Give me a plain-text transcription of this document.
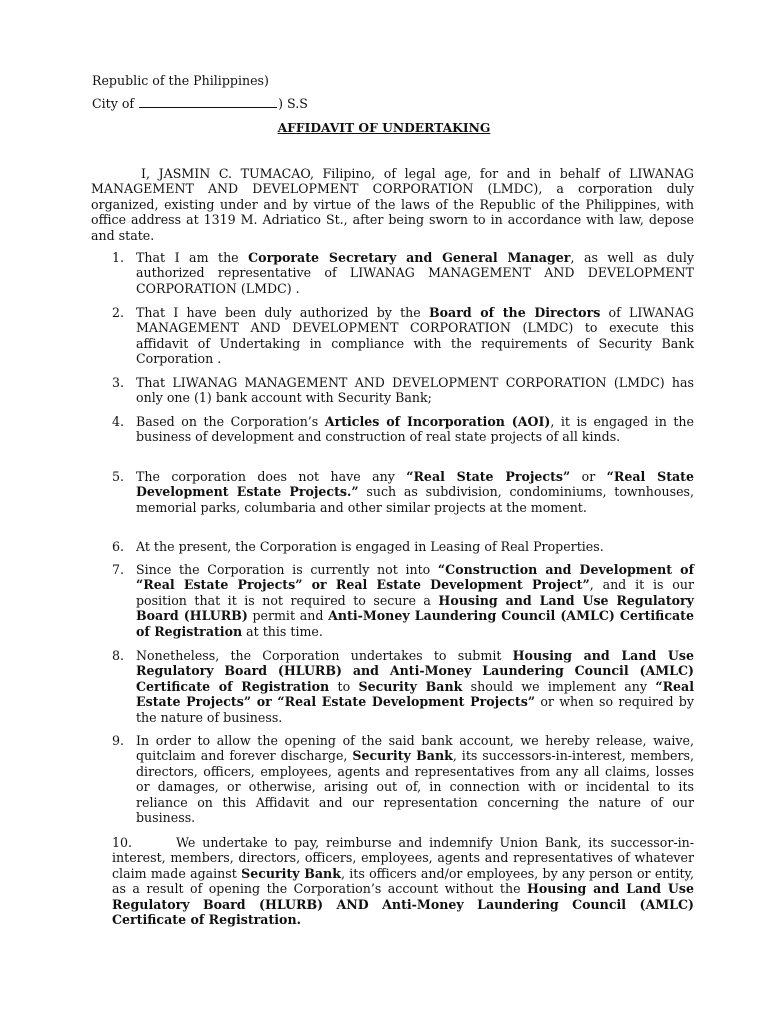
Republic of the Philippines)
City of	) S.S
AFFIDAVIT OF UNDERTAKING

I, JASMIN C. TUMACAO, Filipino, of legal age, for and in behalf of LIWANAG MANAGEMENT AND DEVELOPMENT CORPORATION (LMDC), a corporation duly organized, existing under and by virtue of the laws of the Republic of the Philippines, with office address at 1319 M. Adriatico St., after being sworn to in accordance with law, depose and state.

1. That I am the Corporate Secretary and General Manager, as well as duly authorized representative of LIWANAG MANAGEMENT AND DEVELOPMENT CORPORATION (LMDC) .
2. That I have been duly authorized by the Board of the Directors of LIWANAG MANAGEMENT AND DEVELOPMENT CORPORATION (LMDC) to execute this affidavit of Undertaking in compliance with the requirements of Security Bank Corporation .
3. That LIWANAG MANAGEMENT AND DEVELOPMENT CORPORATION (LMDC) has only one (1) bank account with Security Bank;
4. Based on the Corporation’s Articles of Incorporation (AOI), it is engaged in the business of development and construction of real state projects of all kinds.
5. The corporation does not have any “Real State Projects” or “Real State Development Estate Projects.” such as subdivision, condominiums, townhouses, memorial parks, columbaria and other similar projects at the moment.
6. At the present, the Corporation is engaged in Leasing of Real Properties.
7. Since the Corporation is currently not into “Construction and Development of “Real Estate Projects” or Real Estate Development Project”, and it is our position that it is not required to secure a Housing and Land Use Regulatory Board (HLURB) permit and Anti-Money Laundering Council (AMLC) Certificate of Registration at this time.
8. Nonetheless, the Corporation undertakes to submit Housing and Land Use Regulatory Board (HLURB) and Anti-Money Laundering Council (AMLC) Certificate of Registration to Security Bank should we implement any “Real Estate Projects” or “Real Estate Development Projects” or when so required by the nature of business.
9. In order to allow the opening of the said bank account, we hereby release, waive, quitclaim and forever discharge, Security Bank, its successors-in-interest, members, directors, officers, employees, agents and representatives from any all claims, losses or damages, or otherwise, arising out of, in connection with or incidental to its reliance on this Affidavit and our representation concerning the nature of our business.
10.	We undertake to pay, reimburse and indemnify Union Bank, its successor-in-interest, members, directors, officers, employees, agents and representatives of whatever claim made against Security Bank, its officers and/or employees, by any person or entity, as a result of opening the Corporation’s account without the Housing and Land Use Regulatory Board (HLURB) AND Anti-Money Laundering Council (AMLC) Certificate of Registration.
